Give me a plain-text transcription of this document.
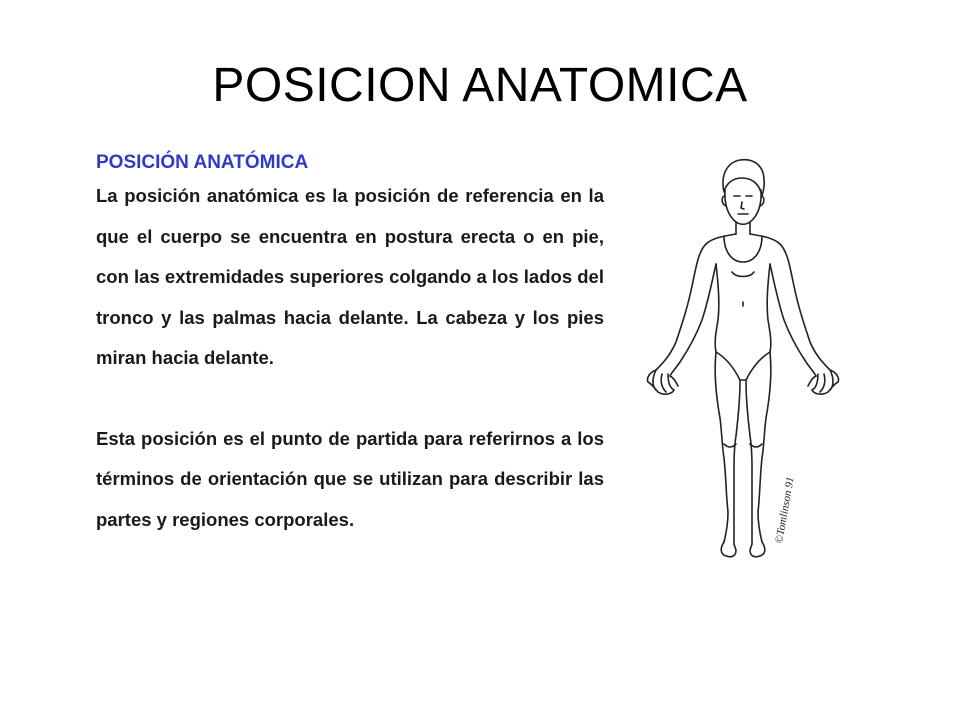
POSICION ANATOMICA
POSICIÓN ANATÓMICA

La posición anatómica es la posición de referencia en la que el cuerpo se encuentra en postura erecta o en pie, con las extremidades superiores colgando a los lados del tronco y las palmas hacia delante. La cabeza y los pies miran hacia delante.

Esta posición es el punto de partida para referirnos a los términos de orientación que se utilizan para describir las partes y regiones corporales.	©Tomlinson 91
